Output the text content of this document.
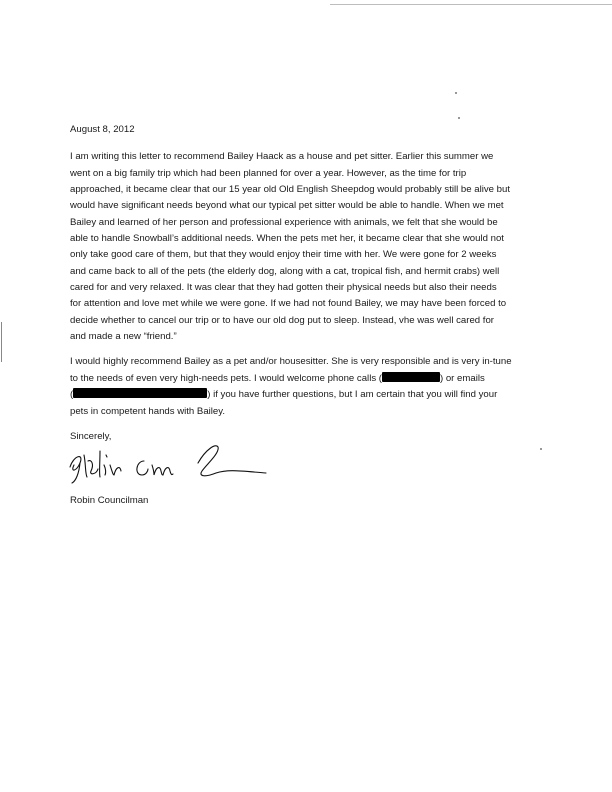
August 8, 2012

I am writing this letter to recommend Bailey Haack as a house and pet sitter. Earlier this summer we
went on a big family trip which had been planned for over a year. However, as the time for trip
approached, it became clear that our 15 year old Old English Sheepdog would probably still be alive but
would have significant needs beyond what our typical pet sitter would be able to handle. When we met
Bailey and learned of her person and professional experience with animals, we felt that she would be
able to handle Snowball’s additional needs. When the pets met her, it became clear that she would not
only take good care of them, but that they would enjoy their time with her. We were gone for 2 weeks
and came back to all of the pets (the elderly dog, along with a cat, tropical fish, and hermit crabs) well
cared for and very relaxed. It was clear that they had gotten their physical needs but also their needs
for attention and love met while we were gone. If we had not found Bailey, we may have been forced to
decide whether to cancel our trip or to have our old dog put to sleep. Instead, vhe was well cared for
and made a new “friend.”
I would highly recommend Bailey as a pet and/or housesitter. She is very responsible and is very in-tune
to the needs of even very high-needs pets. I would welcome phone calls (	) or emails
(	) if you have further questions, but I am certain that you will find your
pets in competent hands with Bailey.

Sincerely,

Robin Councilman
